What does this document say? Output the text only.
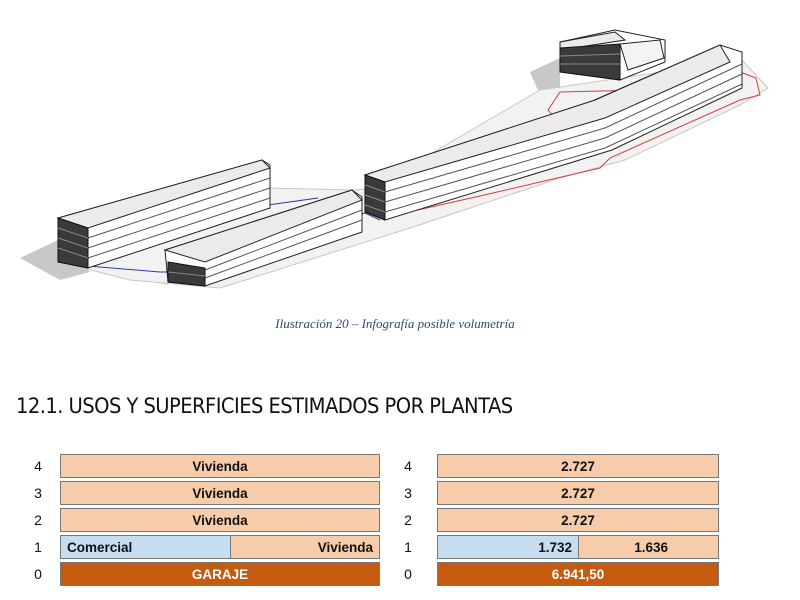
Ilustración 20 – Infografía posible volumetría
12.1. USOS Y SUPERFICIES ESTIMADOS POR PLANTAS
4	Vivienda
3	Vivienda
2	Vivienda
1	Comercial	Vivienda
0	GARAJE
4	2.727
3	2.727
2	2.727
1	1.732	1.636
0	6.941,50
